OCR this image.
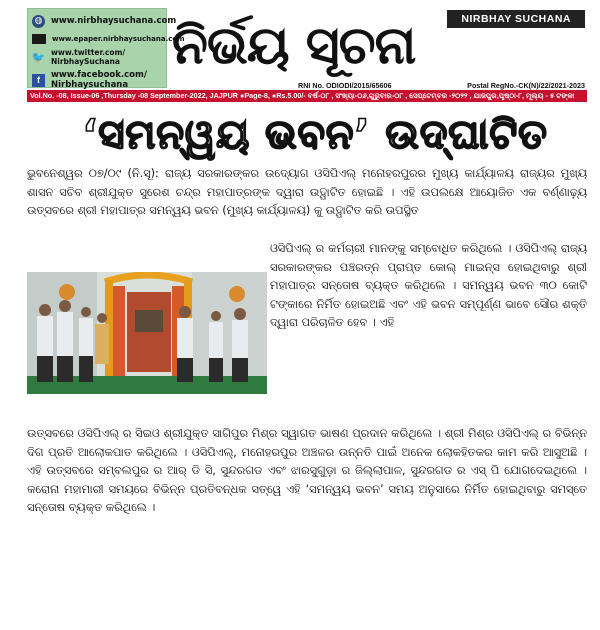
◍	www.nirbhaysuchana.com
www.epaper.nirbhaysuchana.com
🐦 www.twitter.com/ NirbhaySuchana
f	www.facebook.com/
Nirbhaysuchana
NIRBHAY SUCHANA
ନିର୍ଭୟ ସୂଚନା
RNI No. ODIODI/2015/65606	Postal RegNo.-CK(N)/22/2021-2023
Vol.No. -08, Issue-06 ,Thursday -08 September-2022, JAJPUR ●Page-8, ●Rs.5.00/- ବର୍ଷ-୦୮ , ସଂଖ୍ୟା-୦୬,ଗୁରୁବାର-୦୮ , ସେପ୍ଟେମ୍ବର -୨୦୨୨ , ଯାଜପୁର,ପୃଷ୍ଠା-୮, ମୂଲ୍ୟ - ୫ ଟଙ୍କା
‘ସମନ୍ୱୟ ଭବନ’ ଉଦ୍‌ଘାଟିତ
ଭୁବନେଶ୍ୱର ୦୭/୦୯ (ନି.ସୂ): ରାଜ୍ୟ ସରକାରଙ୍କର ଉଦ୍ୟୋଗ ଓସିପିଏଲ୍ ମନୋହରପୁରର ମୁଖ୍ୟ କାର୍ଯ୍ୟାଳୟ ରାଜ୍ୟର ମୁଖ୍ୟ ଶାସନ ସଚିବ ଶ୍ରୀଯୁକ୍ତ ସୁରେଶ ଚନ୍ଦ୍ର ମହାପାତ୍ରଙ୍କ ଦ୍ୱାରା ଉଦ୍ଘାଟିତ ହୋଇଛି । ଏହି ଉପଲକ୍ଷେ ଆୟୋଜିତ ଏକ ବର୍ଣ୍ଣାଢ଼୍ୟ ଉତ୍ସବରେ ଶ୍ରୀ ମହାପାତ୍ର ସମନ୍ୱୟ ଭବନ (ମୁଖ୍ୟ କାର୍ଯ୍ୟାଳୟ) କୁ ଉଦ୍ଘାଟିତ କରି ଉପସ୍ଥିତ
ଓସିପିଏଲ୍ ର କର୍ମଚାରୀ ମାନଙ୍କୁ ସମ୍ବୋଧିତ କରିଥିଲେ । ଓସିପିଏଲ୍ ରାଜ୍ୟ ସରକାରଙ୍କର ପଞ୍ଚରତ୍ନ ପ୍ରାପ୍ତ କୋଲ୍ ମାଇନ୍ସ ହୋଇଥିବାରୁ ଶ୍ରୀ ମହାପାତ୍ର ସନ୍ତୋଷ ବ୍ୟକ୍ତ କରିଥିଲେ । ସମନ୍ୱୟ ଭବନ ୩୦ କୋଟି ଟଙ୍କାରେ ନିର୍ମିତ ହୋଇଅଛି ଏବଂ ଏହି ଭବନ ସମ୍ପୂର୍ଣ୍ଣ ଭାବେ ସୌର ଶକ୍ତି ଦ୍ୱାରା ପରିଚାଳିତ ହେବ । ଏହି
ଉତ୍ସବରେ ଓସିପିଏଲ୍ ର ସିଇଓ ଶ୍ରୀଯୁକ୍ତ ସାଗିପୁର ମିଶ୍ର ସ୍ୱାଗତ ଭାଷଣ ପ୍ରଦାନ କରିଥିଲେ । ଶ୍ରୀ ମିଶ୍ର ଓସିପିଏଲ୍ ର ବିଭିନ୍ନ ଦିଗ ପ୍ରତି ଆଲୋକପାତ କରିଥିଲେ । ଓସିପିଏଲ୍, ମନୋହରପୁର ଅଞ୍ଚଳର ଉନ୍ନତି ପାଇଁ ଅନେକ ଲୋକହିତକର କାମ କରି ଆସୁଅଛି । ଏହି ଉତ୍ସବରେ ସମ୍ବଲପୁର ର ଆର୍ ଡି ସି, ସୁନ୍ଦରଗଡ ଏବଂ ଝାରସୁଗୁଡ଼ା ର ଜିଲ୍ଲାପାଳ, ସୁନ୍ଦରଗଡ ର ଏସ୍ ପି ଯୋଗଦେଇଥିଲେ । କରୋନା ମହାମାରୀ ସମୟରେ ବିଭିନ୍ନ ପ୍ରତିବନ୍ଧକ ସତ୍ୱେ ଏହି ‘ସମନ୍ୱୟ ଭବନ’ ସମୟ ଅନୁସାରେ ନିର୍ମିତ ହୋଇଥିବାରୁ ସମସ୍ତେ ସନ୍ତୋଷ ବ୍ୟକ୍ତ କରିଥିଲେ ।
